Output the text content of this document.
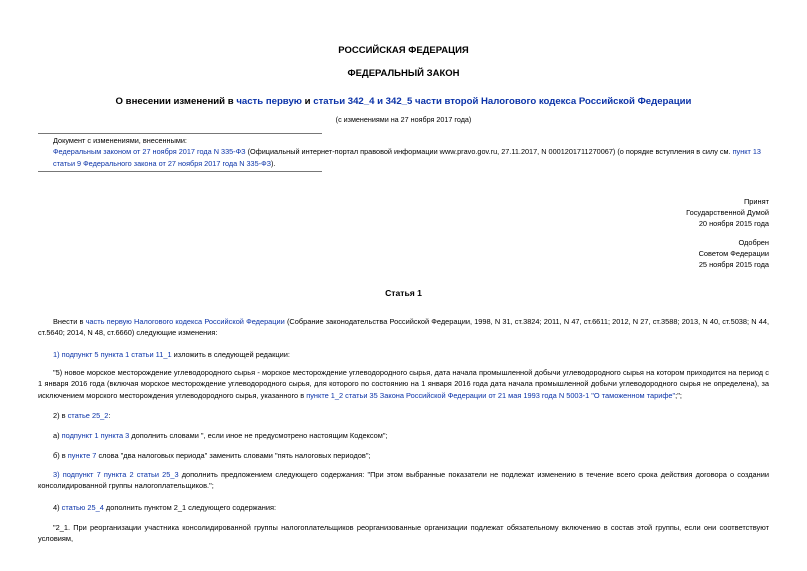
РОССИЙСКАЯ ФЕДЕРАЦИЯ
ФЕДЕРАЛЬНЫЙ ЗАКОН
О внесении изменений в часть первую и статьи 342_4 и 342_5 части второй Налогового кодекса Российской Федерации
(с изменениями на 27 ноября 2017 года)
Документ с изменениями, внесенными:
Федеральным законом от 27 ноября 2017 года N 335-ФЗ (Официальный интернет-портал правовой информации www.pravo.gov.ru, 27.11.2017, N 0001201711270067) (о порядке вступления в силу см. пункт 13 статьи 9 Федерального закона от 27 ноября 2017 года N 335-ФЗ).
Принят
Государственной Думой
20 ноября 2015 года
Одобрен
Советом Федерации
25 ноября 2015 года
Статья 1
Внести в часть первую Налогового кодекса Российской Федерации (Собрание законодательства Российской Федерации, 1998, N 31, ст.3824; 2011, N 47, ст.6611; 2012, N 27, ст.3588; 2013, N 40, ст.5038; N 44, ст.5640; 2014, N 48, ст.6660) следующие изменения:
1) подпункт 5 пункта 1 статьи 11_1 изложить в следующей редакции:
"5) новое морское месторождение углеводородного сырья - морское месторождение углеводородного сырья, дата начала промышленной добычи углеводородного сырья на котором приходится на период с 1 января 2016 года (включая морское месторождение углеводородного сырья, для которого по состоянию на 1 января 2016 года дата начала промышленной добычи углеводородного сырья не определена), за исключением морского месторождения углеводородного сырья, указанного в пункте 1_2 статьи 35 Закона Российской Федерации от 21 мая 1993 года N 5003-1 "О таможенном тарифе";";
2) в статье 25_2:
а) подпункт 1 пункта 3 дополнить словами ", если иное не предусмотрено настоящим Кодексом";
б) в пункте 7 слова "два налоговых периода" заменить словами "пять налоговых периодов";
3) подпункт 7 пункта 2 статьи 25_3 дополнить предложением следующего содержания: "При этом выбранные показатели не подлежат изменению в течение всего срока действия договора о создании консолидированной группы налогоплательщиков.";
4) статью 25_4 дополнить пунктом 2_1 следующего содержания:
"2_1. При реорганизации участника консолидированной группы налогоплательщиков реорганизованные организации подлежат обязательному включению в состав этой группы, если они соответствуют условиям,
